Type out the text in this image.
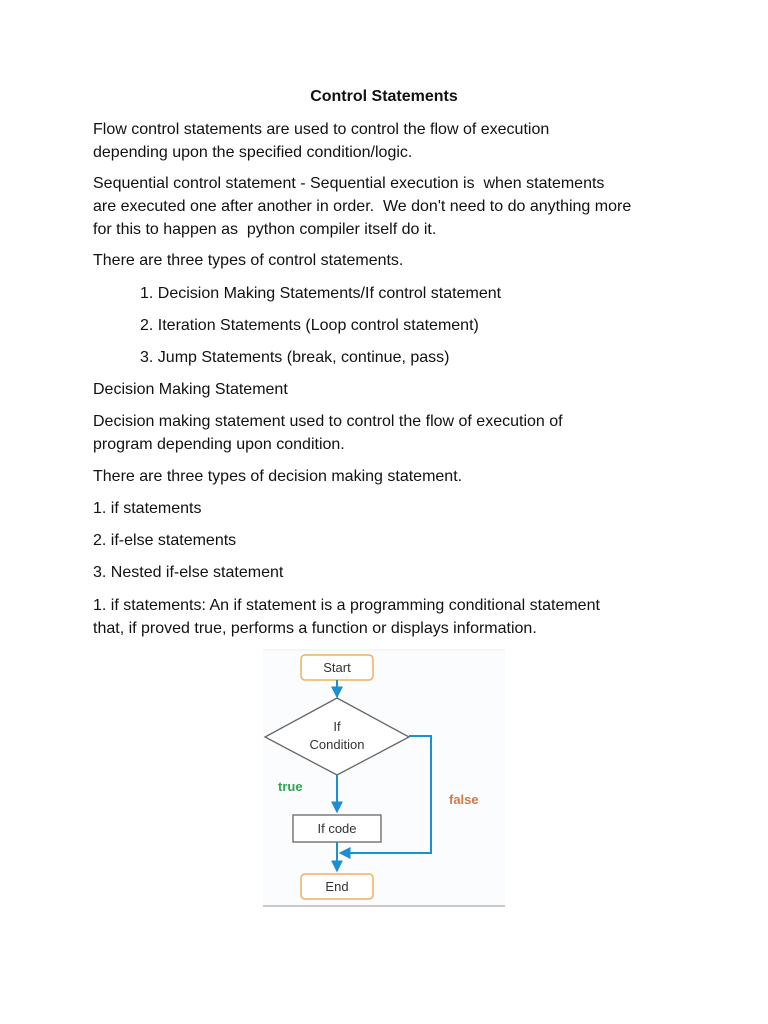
Control Statements
Flow control statements are used to control the flow of execution
depending upon the specified condition/logic.
Sequential control statement - Sequential execution is  when statements
are executed one after another in order.  We don't need to do anything more
for this to happen as  python compiler itself do it.
There are three types of control statements.
1. Decision Making Statements/If control statement
2. Iteration Statements (Loop control statement)
3. Jump Statements (break, continue, pass)
Decision Making Statement
Decision making statement used to control the flow of execution of
program depending upon condition.
There are three types of decision making statement.
1. if statements
2. if-else statements
3. Nested if-else statement
1. if statements: An if statement is a programming conditional statement
that, if proved true, performs a function or displays information.
Start
If
Condition
true
If code
false
End
